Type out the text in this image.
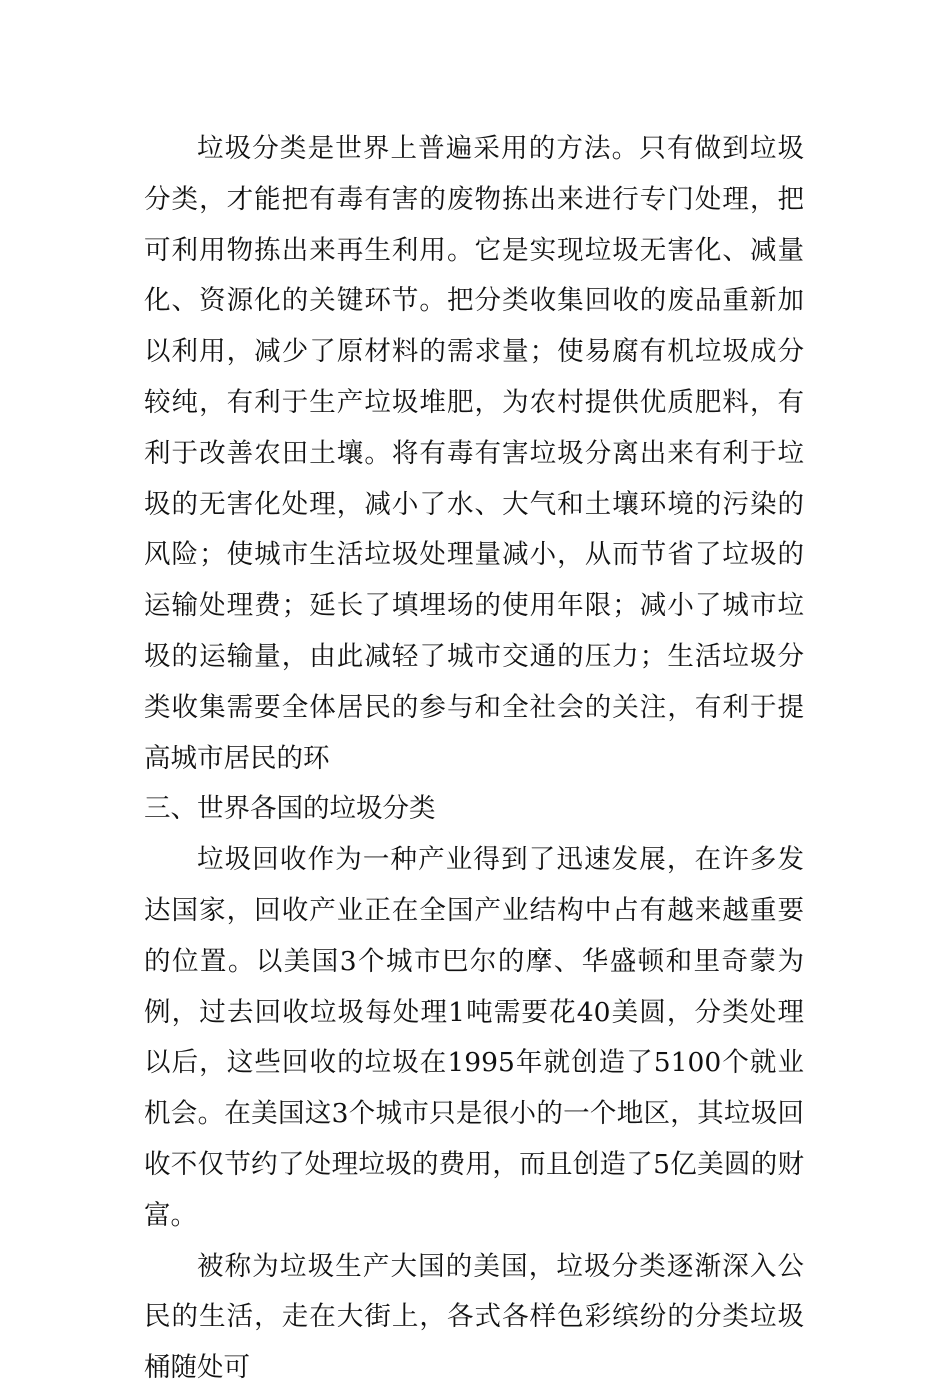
垃圾分类是世界上普遍采用的方法。只有做到垃圾分类，才能把有毒有害的废物拣出来进行专门处理，把可利用物拣出来再生利用。它是实现垃圾无害化、减量化、资源化的关键环节。把分类收集回收的废品重新加以利用，减少了原材料的需求量；使易腐有机垃圾成分较纯，有利于生产垃圾堆肥，为农村提供优质肥料，有利于改善农田土壤。将有毒有害垃圾分离出来有利于垃圾的无害化处理，减小了水、大气和土壤环境的污染的风险；使城市生活垃圾处理量减小，从而节省了垃圾的运输处理费；延长了填埋场的使用年限；减小了城市垃圾的运输量，由此减轻了城市交通的压力；生活垃圾分类收集需要全体居民的参与和全社会的关注，有利于提高城市居民的环

三、世界各国的垃圾分类

垃圾回收作为一种产业得到了迅速发展，在许多发达国家，回收产业正在全国产业结构中占有越来越重要的位置。以美国3个城市巴尔的摩、华盛顿和里奇蒙为例，过去回收垃圾每处理1吨需要花40美圆，分类处理以后，这些回收的垃圾在1995年就创造了5100个就业机会。在美国这3个城市只是很小的一个地区，其垃圾回收不仅节约了处理垃圾的费用，而且创造了5亿美圆的财富。

被称为垃圾生产大国的美国，垃圾分类逐渐深入公民的生活，走在大街上，各式各样色彩缤纷的分类垃圾桶随处可
